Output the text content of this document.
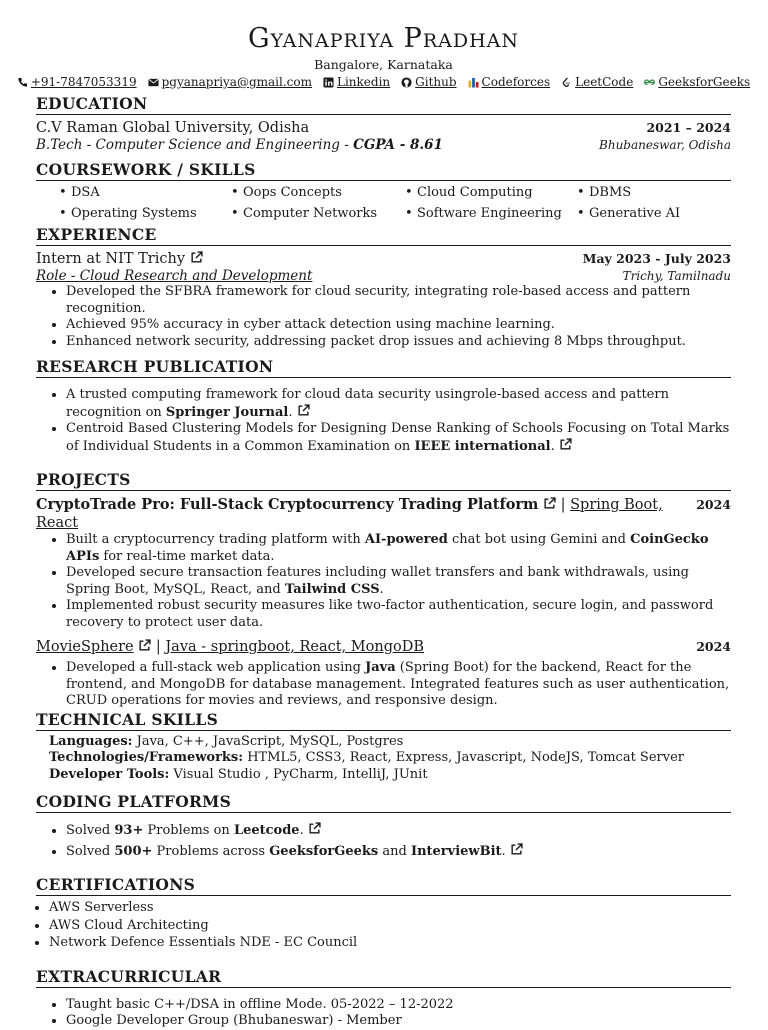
Gyanapriya Pradhan
Bangalore, Karnataka
+91-7847053319 pgyanapriya@gmail.com Linkedin Github Codeforces LeetCode GeeksforGeeks
EDUCATION
C.V Raman Global University, Odisha	2021 – 2024
B.Tech - Computer Science and Engineering - CGPA - 8.61	Bhubaneswar, Odisha
COURSEWORK / SKILLS
• DSA	• Oops Concepts	• Cloud Computing	• DBMS
• Operating Systems	• Computer Networks	• Software Engineering	• Generative AI
EXPERIENCE
Intern at NIT Trichy	May 2023 - July 2023
Role - Cloud Research and Development	Trichy, Tamilnadu
• Developed the SFBRA framework for cloud security, integrating role-based access and pattern recognition.
• Achieved 95% accuracy in cyber attack detection using machine learning.
• Enhanced network security, addressing packet drop issues and achieving 8 Mbps throughput.
RESEARCH PUBLICATION
• A trusted computing framework for cloud data security usingrole-based access and pattern recognition on Springer Journal.
• Centroid Based Clustering Models for Designing Dense Ranking of Schools Focusing on Total Marks of Individual Students in a Common Examination on IEEE international.
PROJECTS
CryptoTrade Pro: Full-Stack Cryptocurrency Trading Platform | Spring Boot, React
2024
• Built a cryptocurrency trading platform with AI-powered chat bot using Gemini and CoinGecko APIs for real-time market data.
• Developed secure transaction features including wallet transfers and bank withdrawals, using Spring Boot, MySQL, React, and Tailwind CSS.
• Implemented robust security measures like two-factor authentication, secure login, and password recovery to protect user data.
MovieSphere | Java - springboot, React, MongoDB	2024
• Developed a full-stack web application using Java (Spring Boot) for the backend, React for the frontend, and MongoDB for database management. Integrated features such as user authentication, CRUD operations for movies and reviews, and responsive design.
TECHNICAL SKILLS
Languages: Java, C++, JavaScript, MySQL, Postgres
Technologies/Frameworks: HTML5, CSS3, React, Express, Javascript, NodeJS, Tomcat Server
Developer Tools: Visual Studio , PyCharm, IntelliJ, JUnit
CODING PLATFORMS
• Solved 93+ Problems on Leetcode.
• Solved 500+ Problems across GeeksforGeeks and InterviewBit.
CERTIFICATIONS
• AWS Serverless
• AWS Cloud Architecting
• Network Defence Essentials NDE - EC Council
EXTRACURRICULAR
• Taught basic C++/DSA in offline Mode. 05-2022 – 12-2022
• Google Developer Group (Bhubaneswar) - Member
